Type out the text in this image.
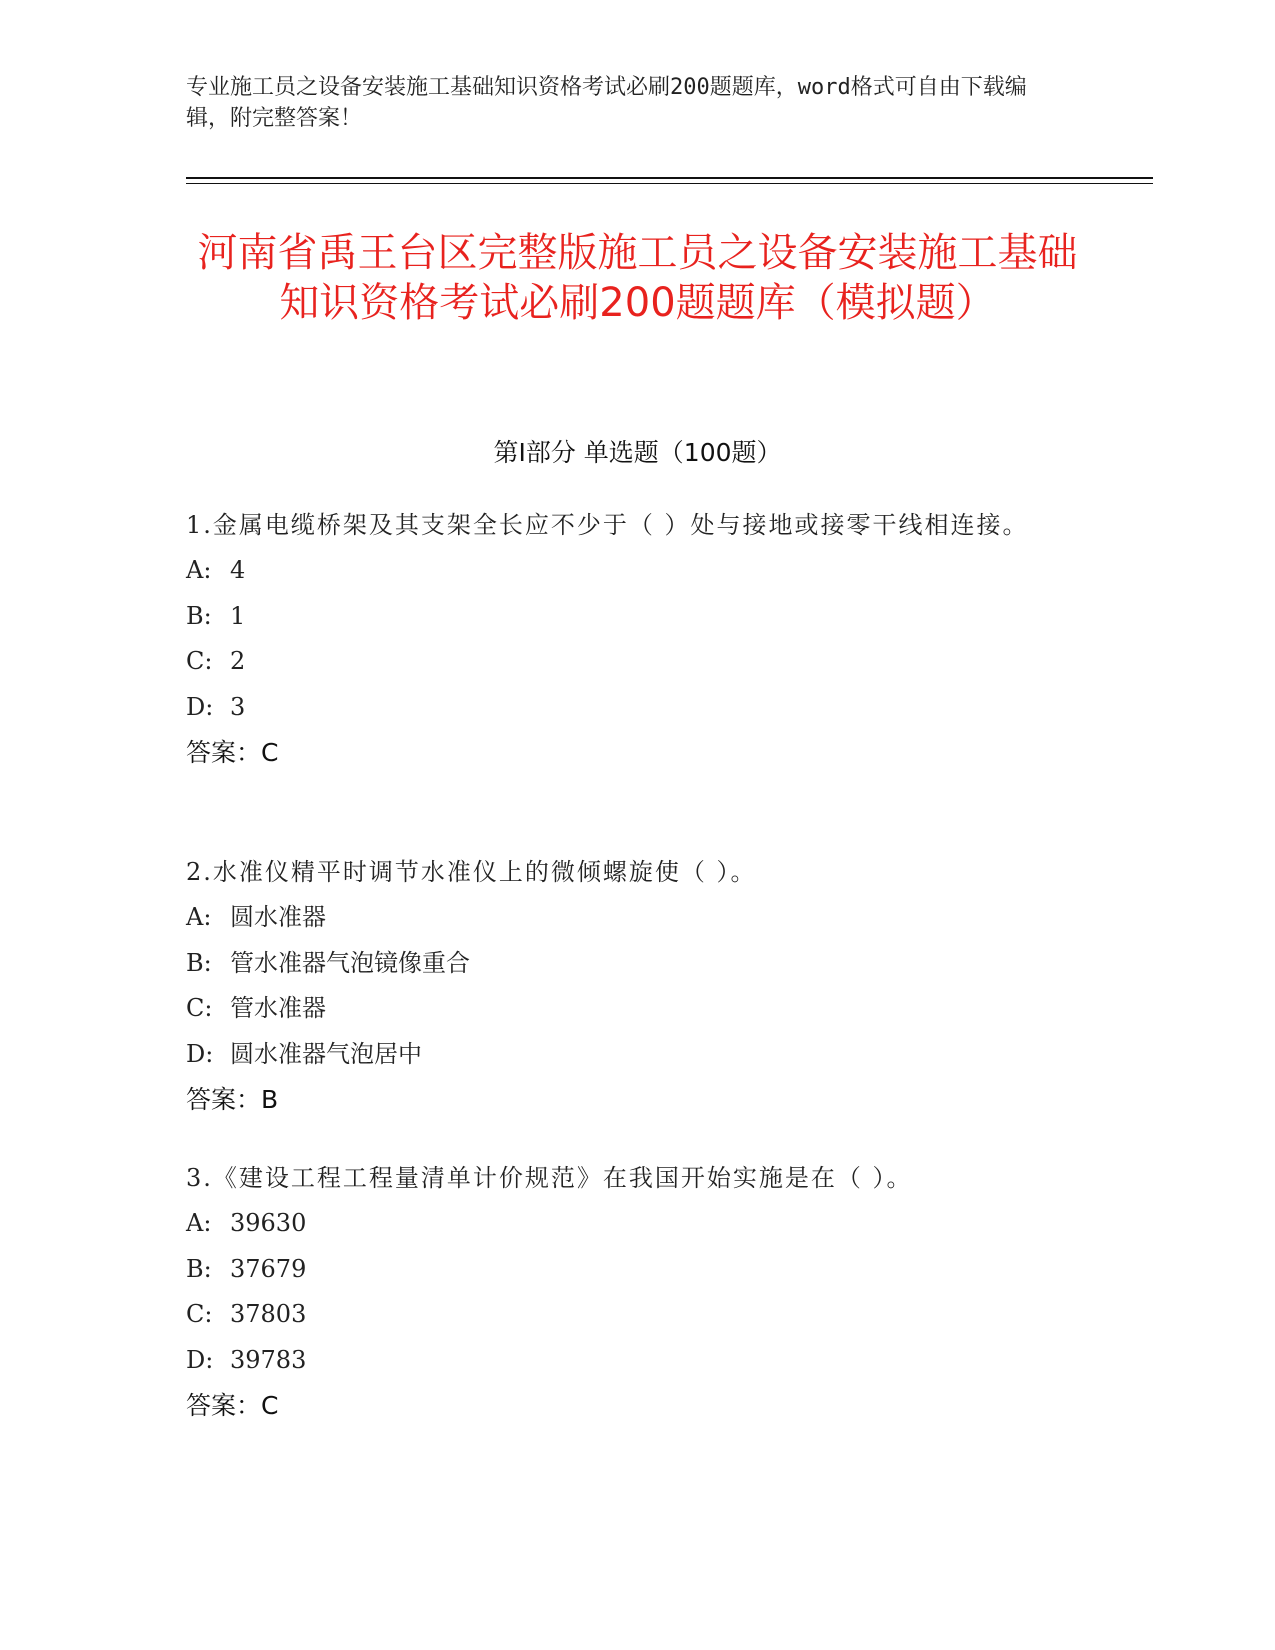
专业施工员之设备安装施工基础知识资格考试必刷200题题库，word格式可自由下载编辑，附完整答案！
河南省禹王台区完整版施工员之设备安装施工基础知识资格考试必刷200题题库（模拟题）
第I部分 单选题（100题）
1.金属电缆桥架及其支架全长应不少于（ ）处与接地或接零干线相连接。
A: 4
B: 1
C: 2
D: 3
答案：C
2.水准仪精平时调节水准仪上的微倾螺旋使（ ）。
A: 圆水准器
B: 管水准器气泡镜像重合
C: 管水准器
D: 圆水准器气泡居中
答案：B
3.《建设工程工程量清单计价规范》在我国开始实施是在（ ）。
A: 39630
B: 37679
C: 37803
D: 39783
答案：C
